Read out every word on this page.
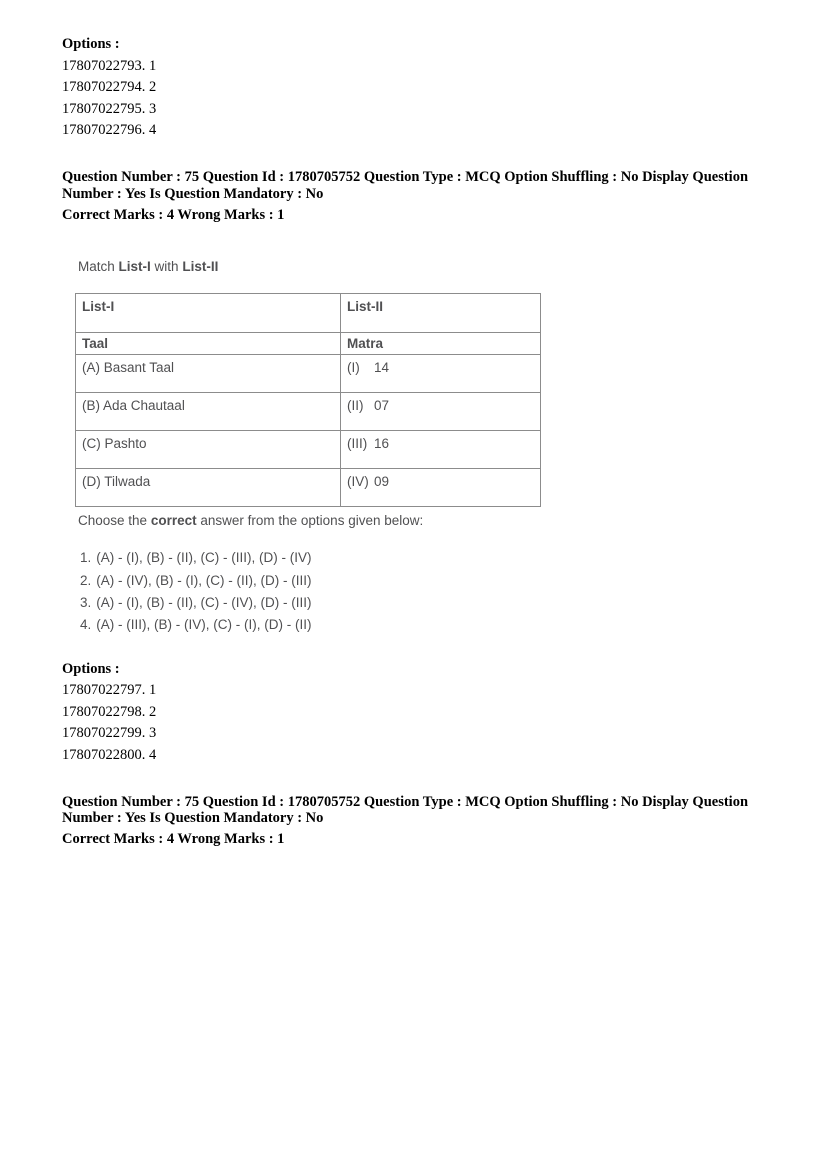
Options :
17807022793. 1
17807022794. 2
17807022795. 3
17807022796. 4
Question Number : 75 Question Id : 1780705752 Question Type : MCQ Option Shuffling : No Display Question
Number : Yes Is Question Mandatory : No
Correct Marks : 4 Wrong Marks : 1
Match List-I with List-II
List-I	List-II
Taal	Matra
(A) Basant Taal	(I) 14
(B) Ada Chautaal	(II) 07
(C) Pashto	(III) 16
(D) Tilwada	(IV) 09
Choose the correct answer from the options given below:
1. (A) - (I), (B) - (II), (C) - (III), (D) - (IV)
2. (A) - (IV), (B) - (I), (C) - (II), (D) - (III)
3. (A) - (I), (B) - (II), (C) - (IV), (D) - (III)
4. (A) - (III), (B) - (IV), (C) - (I), (D) - (II)
Options :
17807022797. 1
17807022798. 2
17807022799. 3
17807022800. 4
Question Number : 75 Question Id : 1780705752 Question Type : MCQ Option Shuffling : No Display Question
Number : Yes Is Question Mandatory : No
Correct Marks : 4 Wrong Marks : 1
